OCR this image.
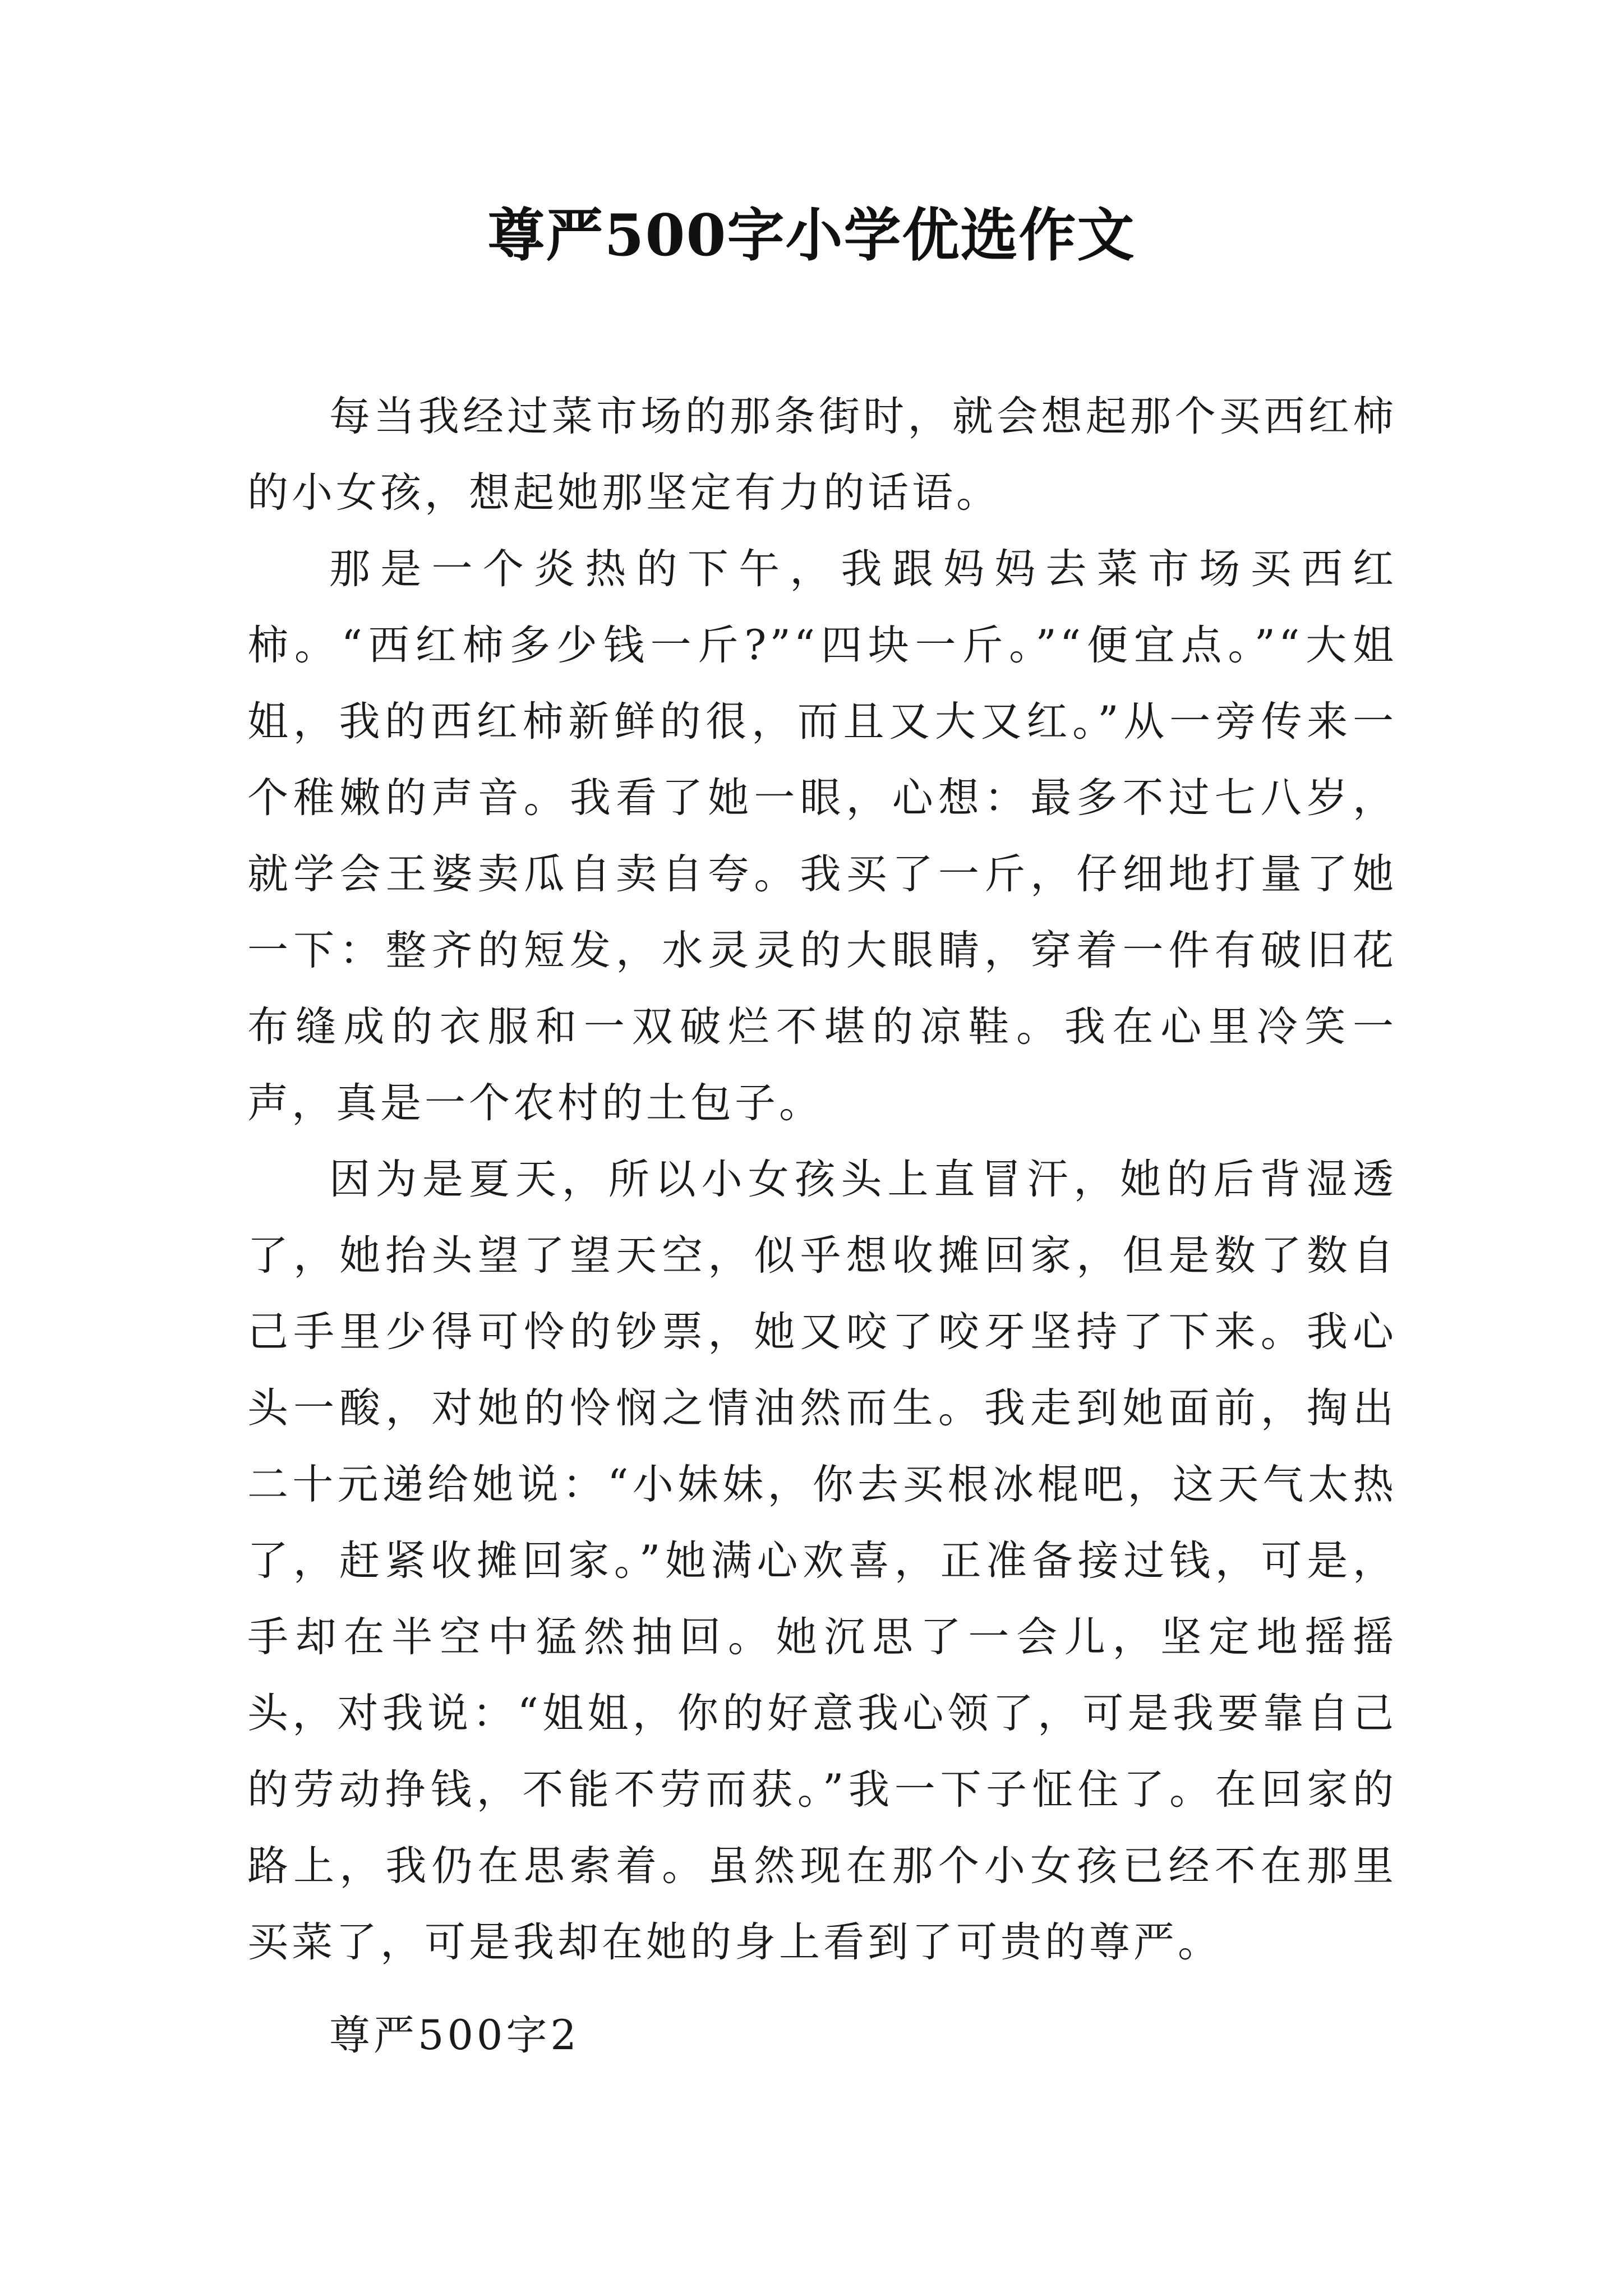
尊严500字小学优选作文

每当我经过菜市场的那条街时，就会想起那个买西红柿的小女孩，想起她那坚定有力的话语。

那是一个炎热的下午，我跟妈妈去菜市场买西红柿。“西红柿多少钱一斤?”“四块一斤。”“便宜点。”“大姐姐，我的西红柿新鲜的很，而且又大又红。”从一旁传来一个稚嫩的声音。我看了她一眼，心想：最多不过七八岁，就学会王婆卖瓜自卖自夸。我买了一斤，仔细地打量了她一下：整齐的短发，水灵灵的大眼睛，穿着一件有破旧花布缝成的衣服和一双破烂不堪的凉鞋。我在心里冷笑一声，真是一个农村的土包子。

因为是夏天，所以小女孩头上直冒汗，她的后背湿透了，她抬头望了望天空，似乎想收摊回家，但是数了数自己手里少得可怜的钞票，她又咬了咬牙坚持了下来。我心头一酸，对她的怜悯之情油然而生。我走到她面前，掏出二十元递给她说：“小妹妹，你去买根冰棍吧，这天气太热了，赶紧收摊回家。”她满心欢喜，正准备接过钱，可是，手却在半空中猛然抽回。她沉思了一会儿，坚定地摇摇头，对我说：“姐姐，你的好意我心领了，可是我要靠自己的劳动挣钱，不能不劳而获。”我一下子怔住了。在回家的路上，我仍在思索着。虽然现在那个小女孩已经不在那里买菜了，可是我却在她的身上看到了可贵的尊严。

尊严500字2
